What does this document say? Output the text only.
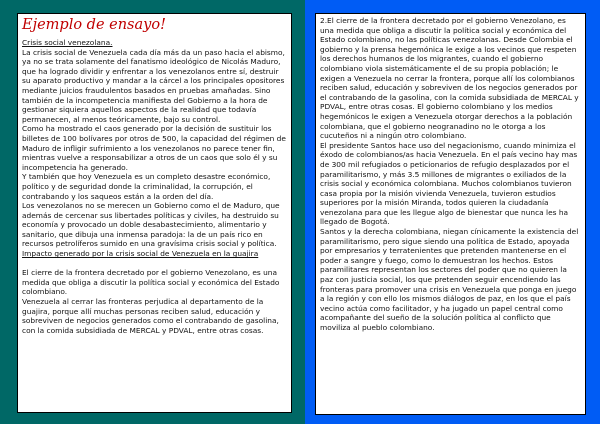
Ejemplo de ensayo!

Crisis social venezolana.

La crisis social de Venezuela cada día más da un paso hacia el abismo, ya no se trata solamente del fanatismo ideológico de Nicolás Maduro, que ha logrado dividir y enfrentar a los venezolanos entre sí, destruir su aparato productivo y mandar a la cárcel a los principales opositores mediante juicios fraudulentos basados en pruebas amañadas. Sino también de la incompetencia manifiesta del Gobierno a la hora de gestionar siquiera aquellos aspectos de la realidad que todavía permanecen, al menos teóricamente, bajo su control.

Como ha mostrado el caos generado por la decisión de sustituir los billetes de 100 bolívares por otros de 500, la capacidad del régimen de Maduro de infligir sufrimiento a los venezolanos no parece tener fin, mientras vuelve a responsabilizar a otros de un caos que solo él y su incompetencia ha generado.

Y también que hoy Venezuela es un completo desastre económico, político y de seguridad donde la criminalidad, la corrupción, el contrabando y los saqueos están a la orden del día.

Los venezolanos no se merecen un Gobierno como el de Maduro, que además de cercenar sus libertades políticas y civiles, ha destruido su economía y provocado un doble desabastecimiento, alimentario y sanitario, que dibuja una inmensa paradoja: la de un país rico en recursos petrolíferos sumido en una gravísima crisis social y política.

Impacto generado por la crisis social de Venezuela en la guajira

El cierre de la frontera decretado por el gobierno Venezolano, es una medida que obliga a discutir la política social y económica del Estado colombiano.

Venezuela al cerrar las fronteras perjudica al departamento de la guajira, porque allí muchas personas reciben salud, educación y sobreviven de negocios generados como el contrabando de gasolina, con la comida subsidiada de MERCAL y PDVAL, entre otras cosas.

2.El cierre de la frontera decretado por el gobierno Venezolano, es una medida que obliga a discutir la política social y económica del Estado colombiano, no las políticas venezolanas. Desde Colombia el gobierno y la prensa hegemónica le exige a los vecinos que respeten los derechos humanos de los migrantes, cuando el gobierno colombiano viola sistemáticamente el de su propia población; le exigen a Venezuela no cerrar la frontera, porque allí los colombianos reciben salud, educación y sobreviven de los negocios generados por el contrabando de la gasolina, con la comida subsidiada de MERCAL y PDVAL, entre otras cosas. El gobierno colombiano y los medios hegemónicos le exigen a Venezuela otorgar derechos a la población colombiana, que el gobierno neogranadino no le otorga a los cucuteños ni a ningún otro colombiano.

El presidente Santos hace uso del negacionismo, cuando minimiza el éxodo de colombianos/as hacia Venezuela. En el país vecino hay mas de 300 mil refugiados o peticionarios de refugio desplazados por el paramilitarismo, y más 3.5 millones de migrantes o exiliados de la crisis social y económica colombiana. Muchos colombianos tuvieron casa propia por la misión vivienda Venezuela, tuvieron estudios superiores por la misión Miranda, todos quieren la ciudadanía venezolana para que les llegue algo de bienestar que nunca les ha llegado de Bogotá.

Santos y la derecha colombiana, niegan cínicamente la existencia del paramilitarismo, pero sigue siendo una política de Estado, apoyada por empresarios y terratenientes que pretenden mantenerse en el poder a sangre y fuego, como lo demuestran los hechos. Estos paramilitares representan los sectores del poder que no quieren la paz con justicia social, los que pretenden seguir encendiendo las fronteras para promover una crisis en Venezuela que ponga en juego a la región y con ello los mismos diálogos de paz, en los que el país vecino actúa como facilitador, y ha jugado un papel central como acompañante del sueño de la solución política al conflicto que moviliza al pueblo colombiano.
